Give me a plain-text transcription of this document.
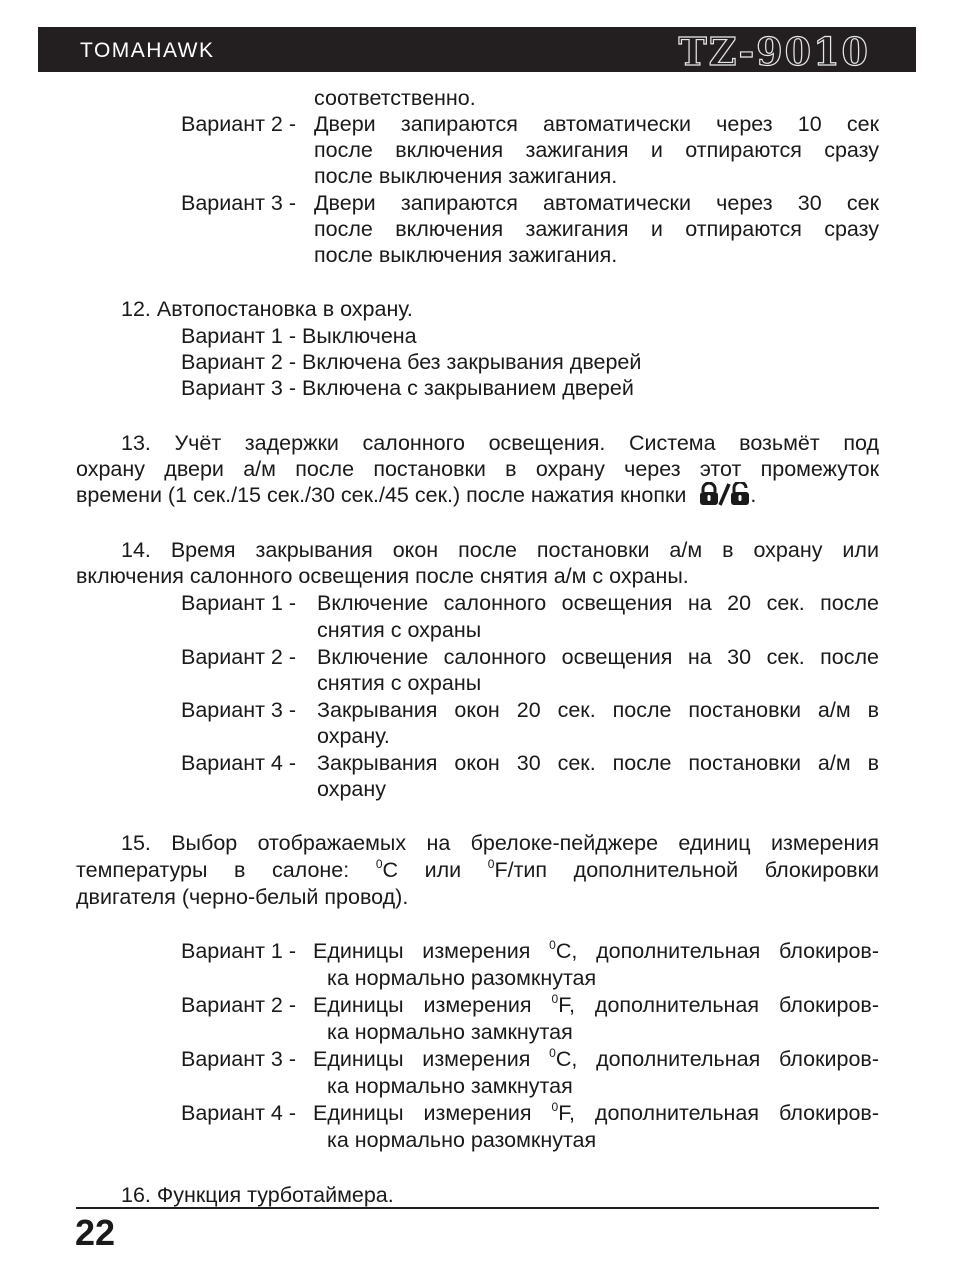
TOMAHAWK	TZ-9010
соответственно.
Вариант 2 - Двери запираются автоматически через 10 сек
после включения зажигания и отпираются сразу
после выключения зажигания.
Вариант 3 - Двери запираются автоматически через 30 сек
после включения зажигания и отпираются сразу
после выключения зажигания.
12. Автопостановка в охрану.
Вариант 1 - Выключена
Вариант 2 - Включена без закрывания дверей
Вариант 3 - Включена с закрыванием дверей
13. Учёт задержки салонного освещения. Система возьмёт под
охрану двери а/м после постановки в охрану через этот промежуток
времени (1 сек./15 сек./30 сек./45 сек.) после нажатия кнопки	.
14. Время закрывания окон после постановки а/м в охрану или
включения салонного освещения после снятия а/м с охраны.
Вариант 1 - Включение салонного освещения на 20 сек. после
снятия с охраны
Вариант 2 - Включение салонного освещения на 30 сек. после
снятия с охраны
Вариант 3 - Закрывания окон 20 сек. после постановки а/м в
охрану.
Вариант 4 - Закрывания окон 30 сек. после постановки а/м в
охрану
15. Выбор отображаемых на брелоке-пейджере единиц измерения
температуры в салоне: $^0$C или $^0$F/тип дополнительной блокировки
двигателя (черно-белый провод).
Вариант 1 - Единицы измерения $^0$C, дополнительная блокиров-
ка нормально разомкнутая
Вариант 2 - Единицы измерения $^0$F, дополнительная блокиров-
ка нормально замкнутая
Вариант 3 - Единицы измерения $^0$C, дополнительная блокиров-
ка нормально замкнутая
Вариант 4 - Единицы измерения $^0$F, дополнительная блокиров-
ка нормально разомкнутая
16. Функция турботаймера.
22
